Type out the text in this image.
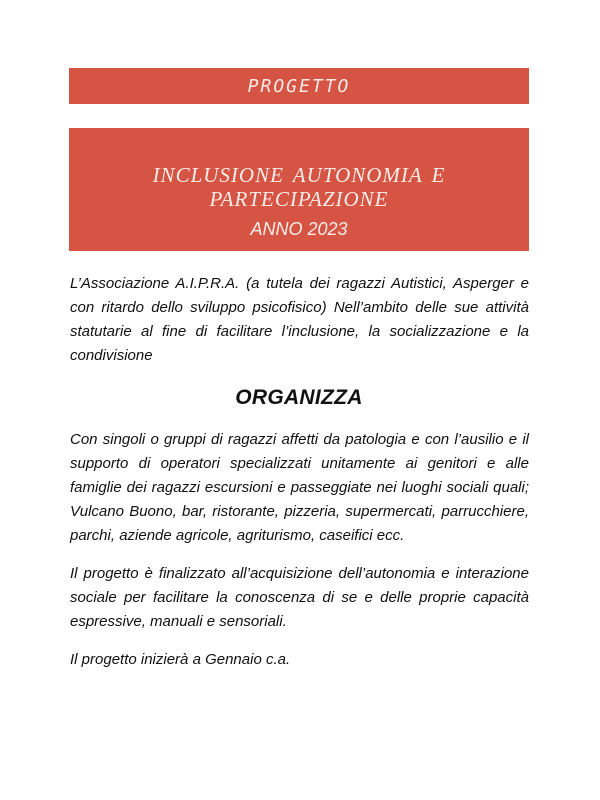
PROGETTO
INCLUSIONE AUTONOMIA E PARTECIPAZIONE
ANNO 2023
L’Associazione A.I.P.R.A. (a tutela dei ragazzi Autistici, Asperger e con ritardo dello sviluppo psicofisico) Nell’ambito delle sue attività statutarie al fine di facilitare l’inclusione, la socializzazione e la condivisione
ORGANIZZA
Con singoli o gruppi di ragazzi affetti da patologia e con l’ausilio e il supporto di operatori specializzati unitamente ai genitori e alle famiglie dei ragazzi escursioni e passeggiate nei luoghi sociali quali; Vulcano Buono, bar, ristorante, pizzeria, supermercati, parrucchiere, parchi, aziende agricole, agriturismo, caseifici ecc.
Il progetto è finalizzato all’acquisizione dell’autonomia e interazione sociale per facilitare la conoscenza di se e delle proprie capacità espressive, manuali e sensoriali.
Il progetto inizierà a Gennaio c.a.
